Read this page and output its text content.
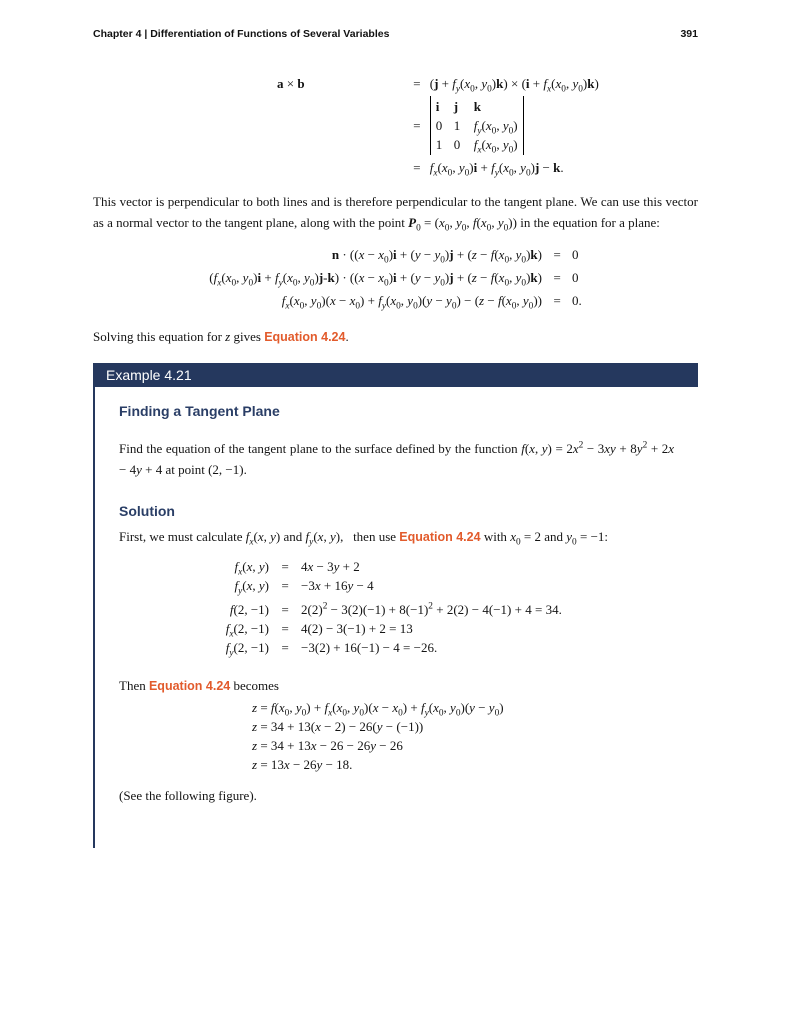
Chapter 4 | Differentiation of Functions of Several Variables	391
a × b	= ($j + f_y(x_0$, $y_0)k) \times (i + f_x(x_0$, $y_0)k$)
=
i j k
0 1 $f_y(x_0$, $y_0$)
1 0 $f_x(x_0$, $y_0$)
= $f_x(x_0$, $y_0)i + f_y(x_0$, $y_0)j - k$.

This vector is perpendicular to both lines and is therefore perpendicular to the tangent plane. We can use this vector as a normal vector to the tangent plane, along with the point $P_0 = (x_0$, $y_0$, $f(x_0$, $y_0$)) in the equation for a plane:

$n \cdot ((x - x_0)i + (y - y_0)j + (z - f(x_0$, $y_0)k) = 0$
($f_x(x_0$, $y_0)i + f_y(x_0$, $y_0)j-k) \cdot ((x - x_0)i + (y - y_0)j + (z - f(x_0$, $y_0)k) = 0$
$f_x(x_0$, $y_0)(x - x_0) + f_y(x_0$, $y_0)(y - y_0) - (z - f(x_0$, $y_0)) = 0$.

Solving this equation for z gives Equation 4.24.

Example 4.21
Finding a Tangent Plane

Find the equation of the tangent plane to the surface defined by the function f(x, $y) = 2x^2 - 3xy + 8y^2 + 2x - 4y + 4$ at point (2, −1).

Solution

First, we must calculate $f_x(x$, y) and $f_y(x$, y),  then use Equation 4.24 with $x_0 = 2$ and $y_0 = -1$:

$f_x(x$, y) = 4x − 3y + 2
$f_y(x$, y) = −3x + 16y − 4
f(2, $-1) = 2(2)^2 - 3(2)(-1) + 8(-1)^2 + 2(2) - 4(-1) + 4 = 34$.
$f_x(2$, −1) = 4(2) − 3(−1) + 2 = 13
$f_y(2$, −1) = −3(2) + 16(−1) − 4 = −26.

Then Equation 4.24 becomes

$z = f(x_0$, $y_0) + f_x(x_0$, $y_0)(x - x_0) + f_y(x_0$, $y_0)(y - y_0)$
z = 34 + 13(x − 2) − 26(y − (−1))
z = 34 + 13x − 26 − 26y − 26
z = 13x − 26y − 18.

(See the following figure).
